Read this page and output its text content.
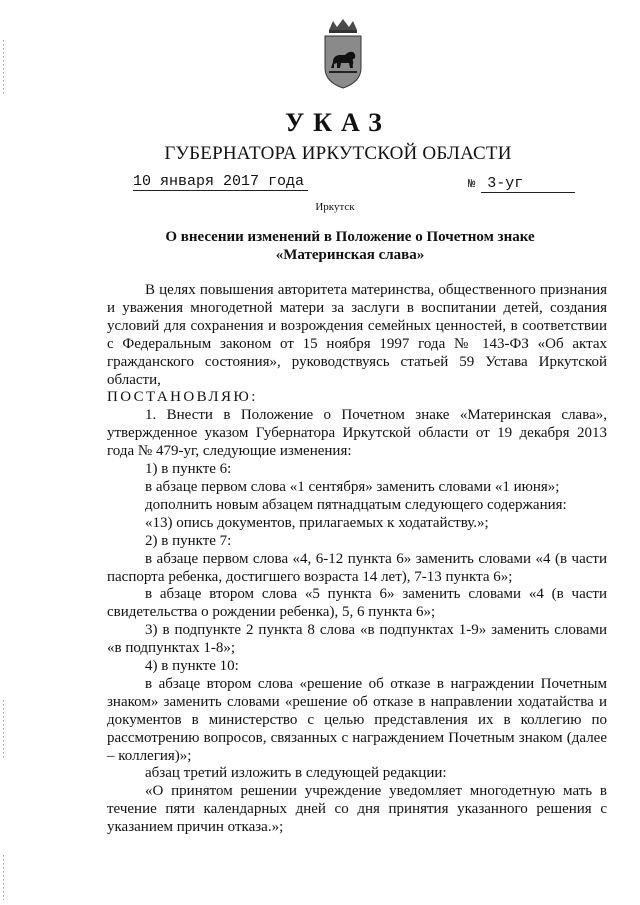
УКАЗ
ГУБЕРНАТОРА ИРКУТСКОЙ ОБЛАСТИ
10 января 2017 года	№ 3-уг
Иркутск
О внесении изменений в Положение о Почетном знаке
«Материнская слава»

В целях повышения авторитета материнства, общественного признания и уважения многодетной матери за заслуги в воспитании детей, создания условий для сохранения и возрождения семейных ценностей, в соответствии с Федеральным законом от 15 ноября 1997 года № 143-ФЗ «Об актах гражданского состояния», руководствуясь статьей 59 Устава Иркутской области,

ПОСТАНОВЛЯЮ:

1. Внести в Положение о Почетном знаке «Материнская слава», утвержденное указом Губернатора Иркутской области от 19 декабря 2013 года № 479-уг, следующие изменения:

1) в пункте 6:

в абзаце первом слова «1 сентября» заменить словами «1 июня»;

дополнить новым абзацем пятнадцатым следующего содержания:

«13) опись документов, прилагаемых к ходатайству.»;

2) в пункте 7:

в абзаце первом слова «4, 6-12 пункта 6» заменить словами «4 (в части паспорта ребенка, достигшего возраста 14 лет), 7-13 пункта 6»;

в абзаце втором слова «5 пункта 6» заменить словами «4 (в части свидетельства о рождении ребенка), 5, 6 пункта 6»;

3) в подпункте 2 пункта 8 слова «в подпунктах 1-9» заменить словами «в подпунктах 1-8»;

4) в пункте 10:

в абзаце втором слова «решение об отказе в награждении Почетным знаком» заменить словами «решение об отказе в направлении ходатайства и документов в министерство с целью представления их в коллегию по рассмотрению вопросов, связанных с награждением Почетным знаком (далее – коллегия)»;

абзац третий изложить в следующей редакции:

«О принятом решении учреждение уведомляет многодетную мать в течение пяти календарных дней со дня принятия указанного решения с указанием причин отказа.»;
